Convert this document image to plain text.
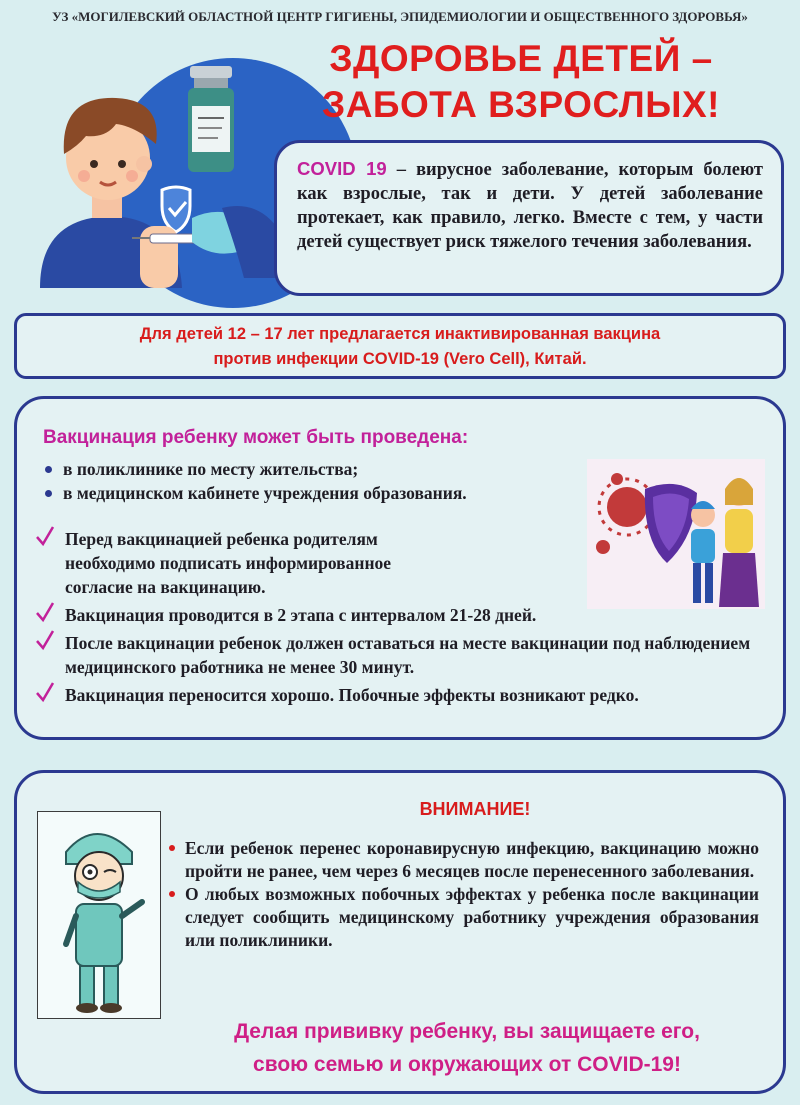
УЗ «МОГИЛЕВСКИЙ ОБЛАСТНОЙ ЦЕНТР ГИГИЕНЫ, ЭПИДЕМИОЛОГИИ И ОБЩЕСТВЕННОГО ЗДОРОВЬЯ»
ЗДОРОВЬЕ ДЕТЕЙ –
ЗАБОТА ВЗРОСЛЫХ!
COVID 19 – вирусное заболевание, которым болеют как взрослые, так и дети. У детей заболевание протекает, как правило, легко. Вместе с тем, у части детей существует риск тяжелого течения заболевания.
Для детей 12 – 17 лет предлагается инактивированная вакцина
против инфекции COVID-19 (Vero Cell), Китай.
Вакцинация ребенку может быть проведена:
в поликлинике по месту жительства;
в медицинском кабинете учреждения образования.
Перед вакцинацией ребенка родителям необходимо подписать информированное согласие на вакцинацию.
Вакцинация проводится в 2 этапа с интервалом 21-28 дней.
После вакцинации ребенок должен оставаться на месте вакцинации под наблюдением медицинского работника не менее 30 минут.
Вакцинация переносится хорошо. Побочные эффекты возникают редко.
ВНИМАНИЕ!
Если ребенок перенес коронавирусную инфекцию, вакцинацию можно пройти не ранее, чем через 6 месяцев после перенесенного заболевания.
О любых возможных побочных эффектах у ребенка после вакцинации следует сообщить медицинскому работнику учреждения образования или поликлиники.
Делая прививку ребенку, вы защищаете его,
свою семью и окружающих от COVID-19!
